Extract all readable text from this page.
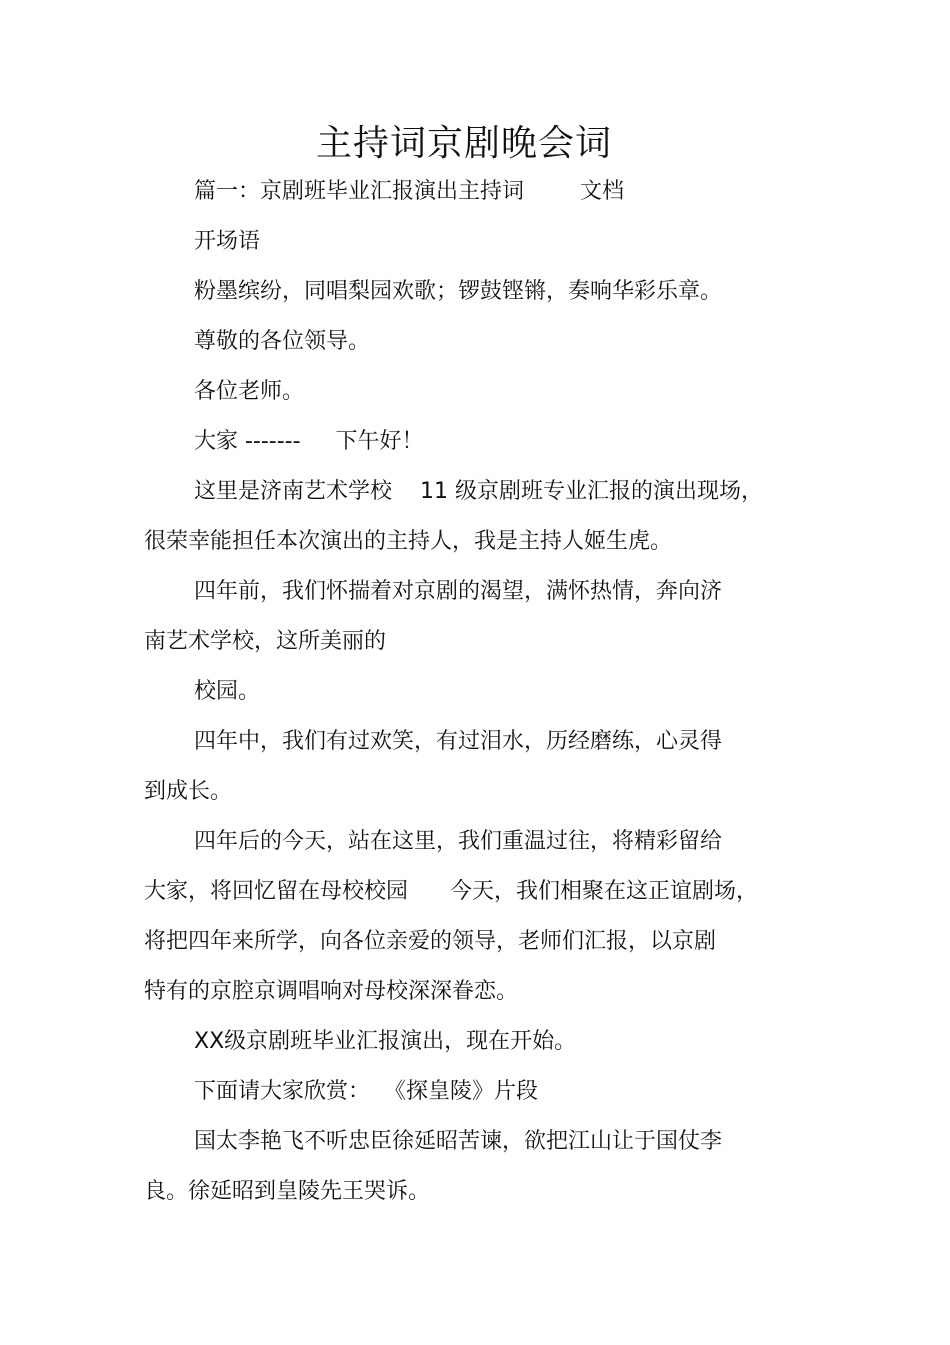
主持词京剧晚会词
篇一：京剧班毕业汇报演出主持词        文档
开场语
粉墨缤纷，同唱梨园欢歌；锣鼓铿锵，奏响华彩乐章。
尊敬的各位领导。
各位老师。
大家 -------     下午好！
这里是济南艺术学校    11 级京剧班专业汇报的演出现场，
很荣幸能担任本次演出的主持人，我是主持人姬生虎。
四年前，我们怀揣着对京剧的渴望，满怀热情，奔向济
南艺术学校，这所美丽的
校园。
四年中，我们有过欢笑，有过泪水，历经磨练，心灵得
到成长。
四年后的今天，站在这里，我们重温过往，将精彩留给
大家，将回忆留在母校校园      今天，我们相聚在这正谊剧场，
将把四年来所学，向各位亲爱的领导，老师们汇报，以京剧
特有的京腔京调唱响对母校深深眷恋。
XX级京剧班毕业汇报演出，现在开始。
下面请大家欣赏：  《探皇陵》片段
国太李艳飞不听忠臣徐延昭苦谏，欲把江山让于国仗李
良。徐延昭到皇陵先王哭诉。
